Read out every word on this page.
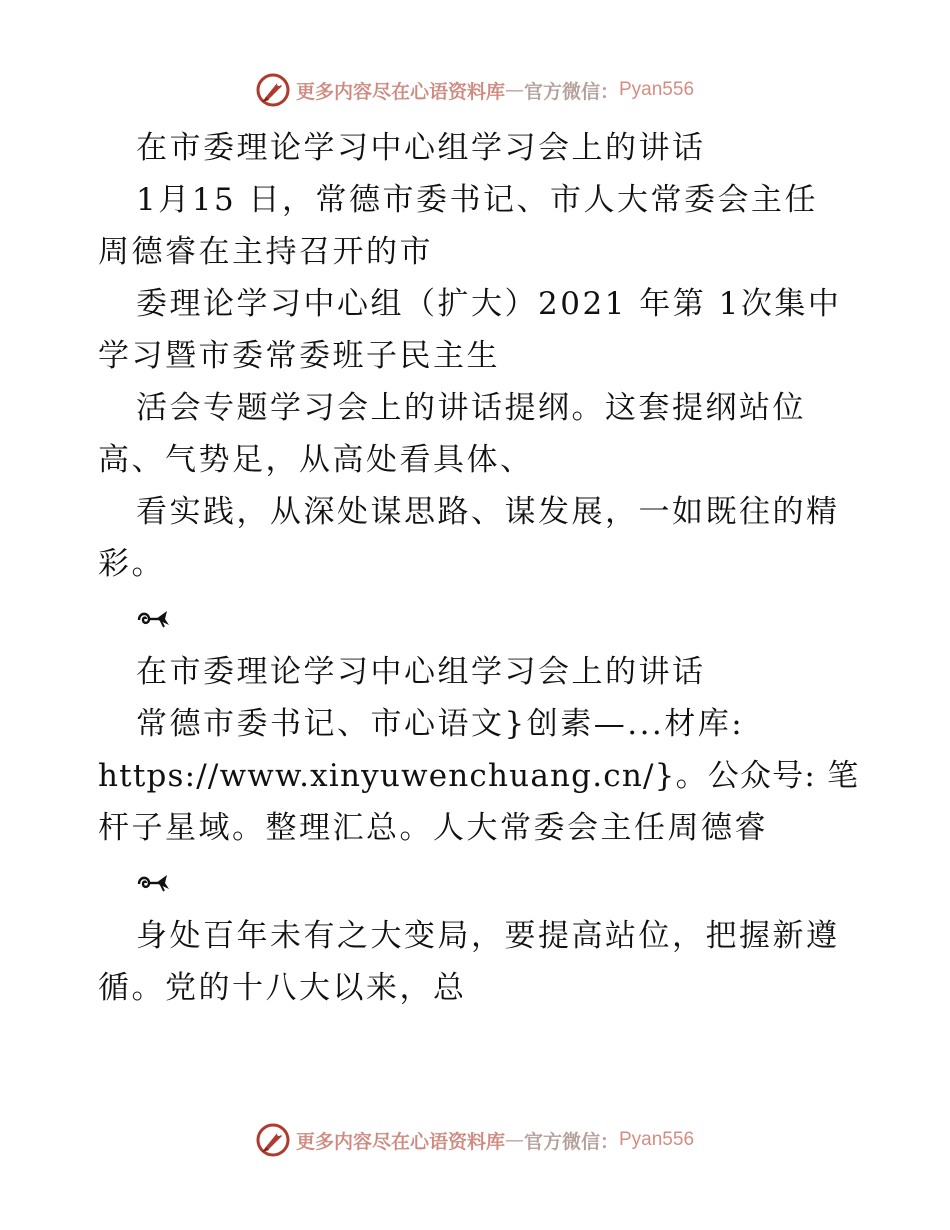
更多内容尽在心语资料库 — 官方微信： Pyan556
在市委理论学习中心组学习会上的讲话
1月15 日，常德市委书记、市人大常委会主任
周德睿在主持召开的市
委理论学习中心组（扩大）2021 年第 1次集中
学习暨市委常委班子民主生
活会专题学习会上的讲话提纲。这套提纲站位
高、气势足，从高处看具体、
看实践，从深处谋思路、谋发展，一如既往的精
彩。
在市委理论学习中心组学习会上的讲话
常德市委书记、市心语文}创素—...材库:
https://www.xinyuwenchuang.cn/}。公众号: 笔
杆子星域。整理汇总。人大常委会主任周德睿
身处百年未有之大变局，要提高站位，把握新遵
循。党的十八大以来，总
更多内容尽在心语资料库 — 官方微信： Pyan556
